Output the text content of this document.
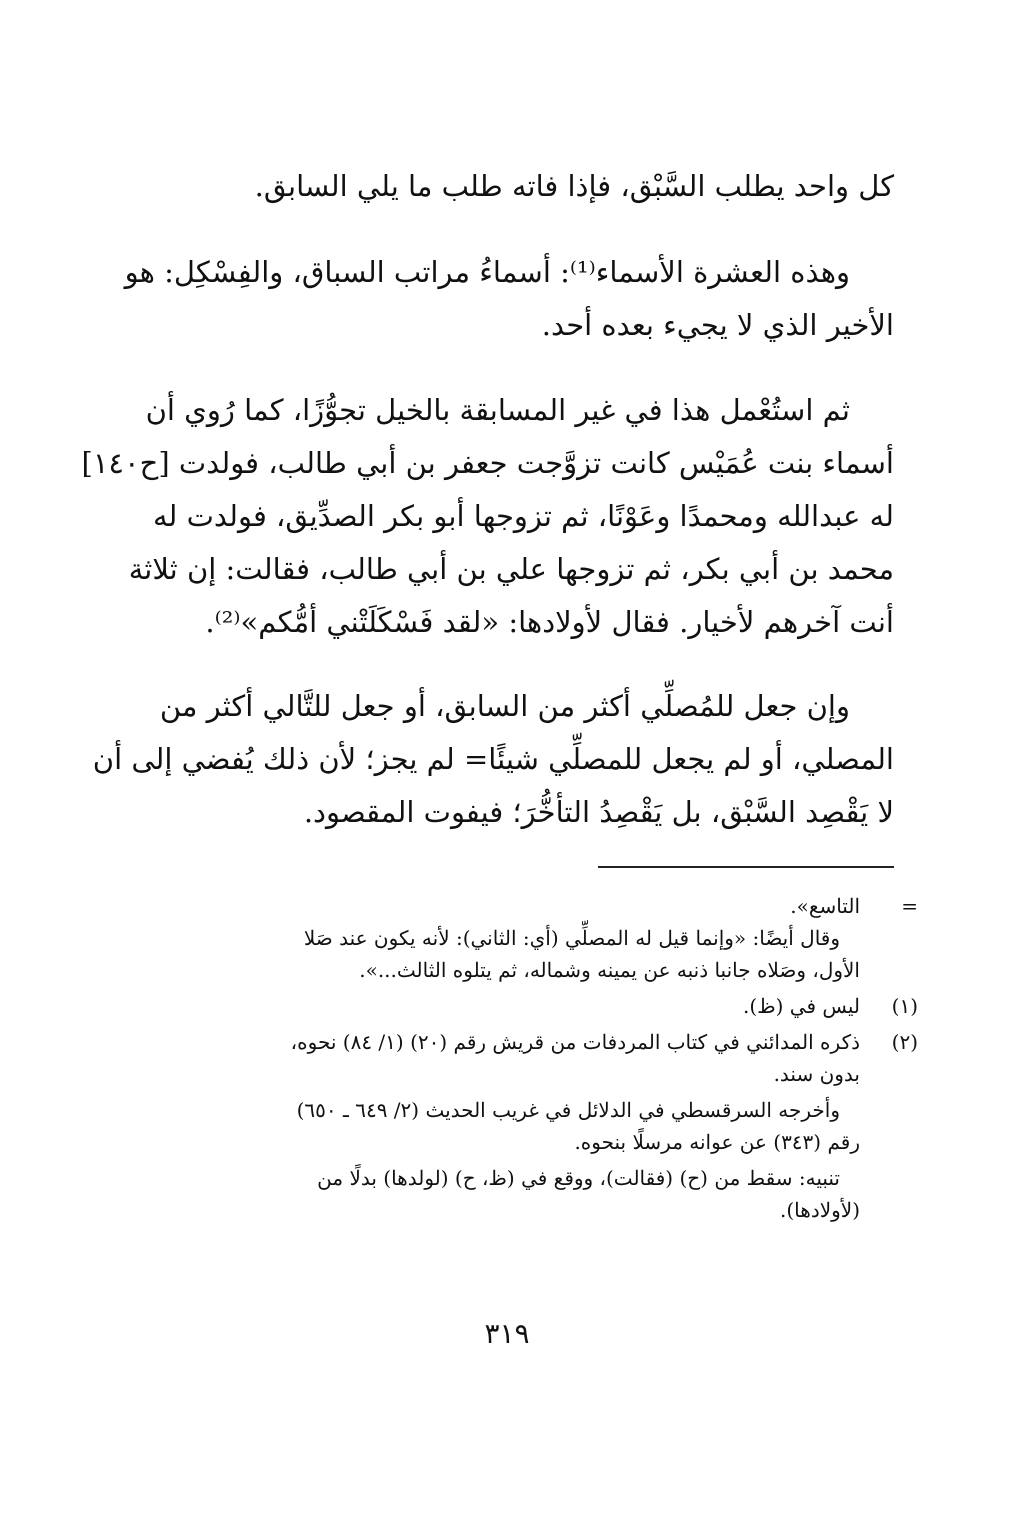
كل واحد يطلب السَّبْق، فإذا فاته طلب ما يلي السابق.
وهذه العشرة الأسماء⁽¹⁾: أسماءُ مراتب السباق، والفِسْكِل: هو
الأخير الذي لا يجيء بعده أحد.
ثم استُعْمل هذا في غير المسابقة بالخيل تجوُّزًا، كما رُوي أن
أسماء بنت عُمَيْس كانت تزوَّجت جعفر بن أبي طالب، فولدت [ح١٤٠]
له عبدالله ومحمدًا وعَوْنًا، ثم تزوجها أبو بكر الصدِّيق، فولدت له
محمد بن أبي بكر، ثم تزوجها علي بن أبي طالب، فقالت: إن ثلاثة
أنت آخرهم لأخيار. فقال لأولادها: «لقد فَسْكَلَتْني أمُّكم»⁽²⁾.
وإن جعل للمُصلِّي أكثر من السابق، أو جعل للتَّالي أكثر من
المصلي، أو لم يجعل للمصلِّي شيئًا= لم يجز؛ لأن ذلك يُفضي إلى أن
لا يَقْصِد السَّبْق، بل يَقْصِدُ التأخُّرَ؛ فيفوت المقصود.
=
التاسع».
وقال أيضًا: «وإنما قيل له المصلِّي (أي: الثاني): لأنه يكون عند صَلا
الأول، وصَلاه جانبا ذنبه عن يمينه وشماله، ثم يتلوه الثالث...».
(١)
ليس في (ظ).
(٢)
ذكره المدائني في كتاب المردفات من قريش رقم (٢٠) (١/ ٨٤) نحوه،
بدون سند.
وأخرجه السرقسطي في الدلائل في غريب الحديث (٢/ ٦٤٩ ـ ٦٥٠)
رقم (٣٤٣) عن عوانه مرسلًا بنحوه.
تنبيه: سقط من (ح) (فقالت)، ووقع في (ظ، ح) (لولدها) بدلًا من
(لأولادها).
٣١٩
